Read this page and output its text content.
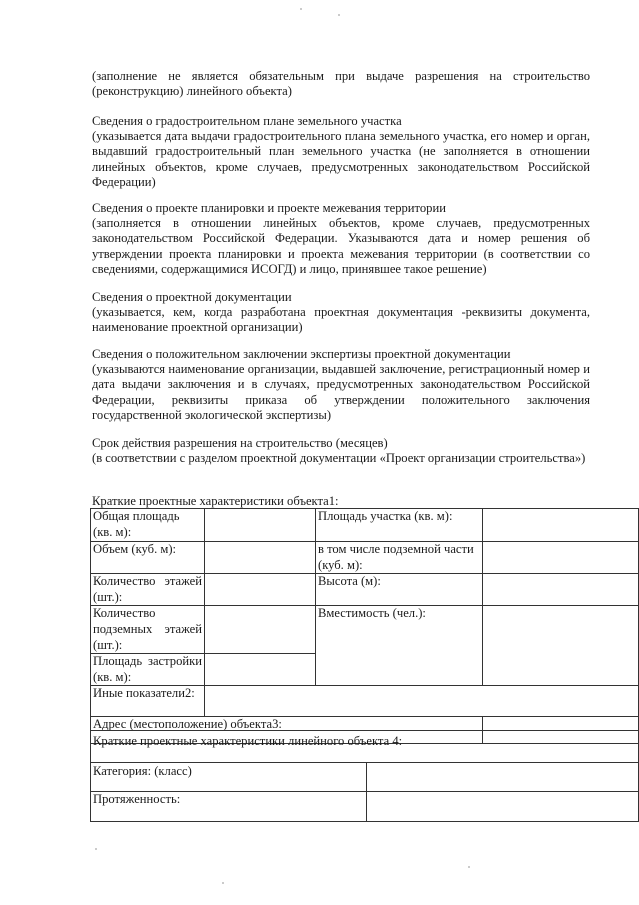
(заполнение не является обязательным при выдаче разрешения на строительство (реконструкцию) линейного объекта)
Сведения о градостроительном плане земельного участка
(указывается дата выдачи градостроительного плана земельного участка, его номер и орган, выдавший градостроительный план земельного участка (не заполняется в отношении линейных объектов, кроме случаев, предусмотренных законодательством Российской Федерации)
Сведения о проекте планировки и проекте межевания территории
(заполняется в отношении линейных объектов, кроме случаев, предусмотренных законодательством Российской Федерации. Указываются дата и номер решения об утверждении проекта планировки и проекта межевания территории (в соответствии со сведениями, содержащимися ИСОГД) и лицо, принявшее такое решение)
Сведения о проектной документации
(указывается, кем, когда разработана проектная документация -реквизиты документа, наименование проектной организации)
Сведения о положительном заключении экспертизы проектной документации
(указываются наименование организации, выдавшей заключение, регистрационный номер и дата выдачи заключения и в случаях, предусмотренных законодательством Российской Федерации, реквизиты приказа об утверждении положительного заключения государственной экологической экспертизы)
Срок действия разрешения на строительство (месяцев)
(в соответствии с разделом проектной документации «Проект организации строительства»)
Краткие проектные характеристики объекта1:
Общая площадь (кв. м):		Площадь участка (кв. м):	
Объем (куб. м):		в том числе подземной части (куб. м):	
Количество этажей (шт.):		Высота (м):	
Количество подземных этажей (шт.):		Вместимость (чел.):	
Площадь застройки (кв. м):			
Иные показатели2:			
Адрес (местоположение) объекта3:			
Краткие проектные характеристики линейного объекта 4:	
Категория: (класс)	
Протяженность:	
